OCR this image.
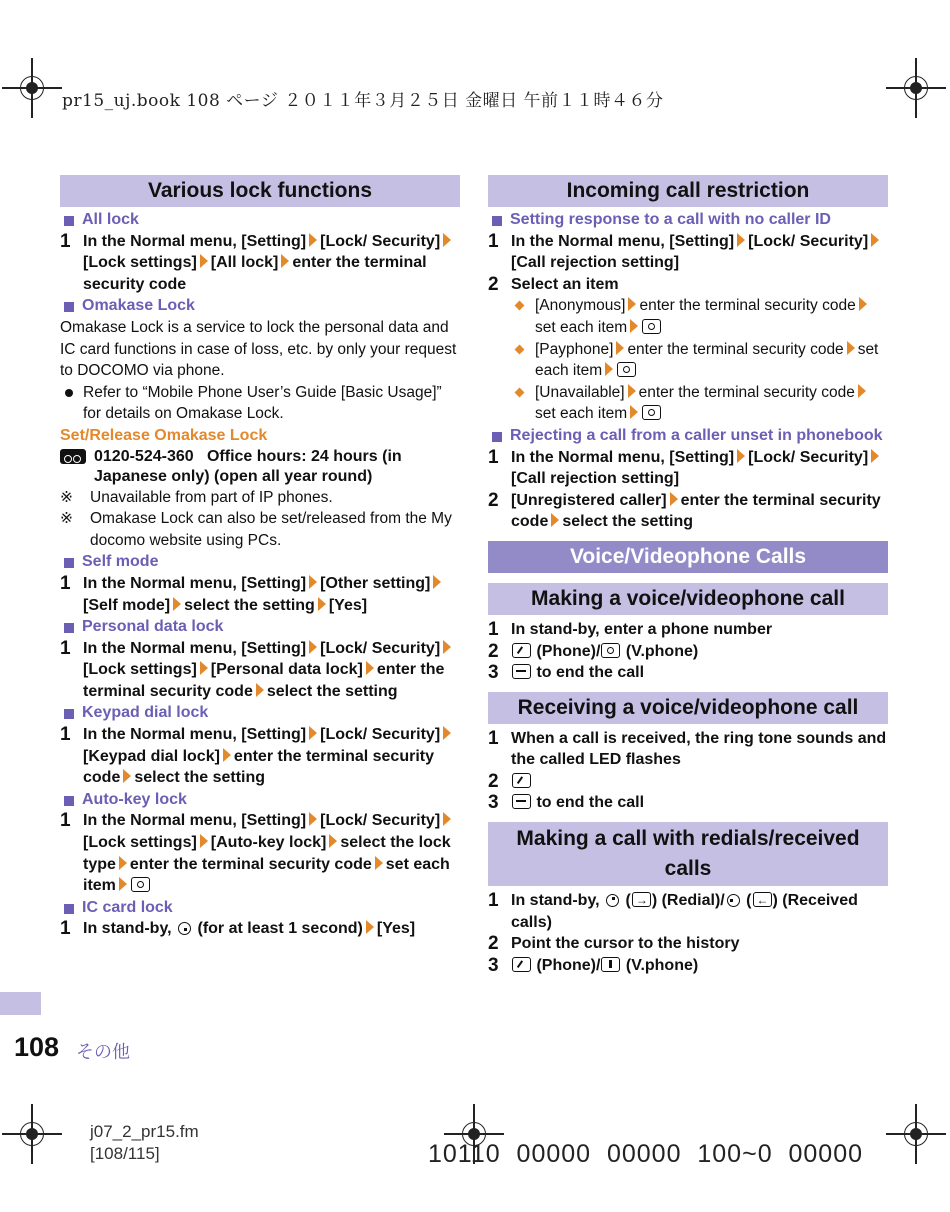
pr15_uj.book 108 ページ ２０１１年３月２５日 金曜日 午前１１時４６分
Various lock functions
All lock
1 In the Normal menu, [Setting] [Lock/ Security][Lock settings] [All lock] enter the terminal security code
Omakase Lock
Omakase Lock is a service to lock the personal data and IC card functions in case of loss, etc. by only your request to DOCOMO via phone.
Refer to “Mobile Phone User’s Guide [Basic Usage]” for details on Omakase Lock.
Set/Release Omakase Lock
0120-524-360 Office hours: 24 hours (in Japanese only) (open all year round)
※ Unavailable from part of IP phones.
※ Omakase Lock can also be set/released from the My docomo website using PCs.
Self mode
1 In the Normal menu, [Setting] [Other setting][Self mode] select the setting [Yes]
Personal data lock
1 In the Normal menu, [Setting] [Lock/ Security][Lock settings] [Personal data lock] enter the terminal security code select the setting
Keypad dial lock
1 In the Normal menu, [Setting] [Lock/ Security][Keypad dial lock] enter the terminal security code select the setting
Auto-key lock
1 In the Normal menu, [Setting] [Lock/ Security][Lock settings] [Auto-key lock] select the lock type enter the terminal security code set each item
IC card lock
1 In stand-by, (for at least 1 second) [Yes]
Incoming call restriction
Setting response to a call with no caller ID
1 In the Normal menu, [Setting] [Lock/ Security][Call rejection setting]
2 Select an item
[Anonymous] enter the terminal security codeset each item
[Payphone] enter the terminal security code set each item
[Unavailable] enter the terminal security codeset each item
Rejecting a call from a caller unset in phonebook
1 In the Normal menu, [Setting] [Lock/ Security][Call rejection setting]
2 [Unregistered caller] enter the terminal security code select the setting
Voice/Videophone Calls
Making a voice/videophone call
1 In stand-by, enter a phone number
2 (Phone)/ (V.phone)
3 to end the call
Receiving a voice/videophone call
1 When a call is received, the ring tone sounds and the called LED flashes
2
3 to end the call
Making a call with redials/received calls
1 In stand-by, ( → ) (Redial)/ ( ← ) (Received calls)
2 Point the cursor to the history
3 (Phone)/ (V.phone)
108 その他
j07_2_pr15.fm
[108/115]	10110  00000  00000  100~0  00000
